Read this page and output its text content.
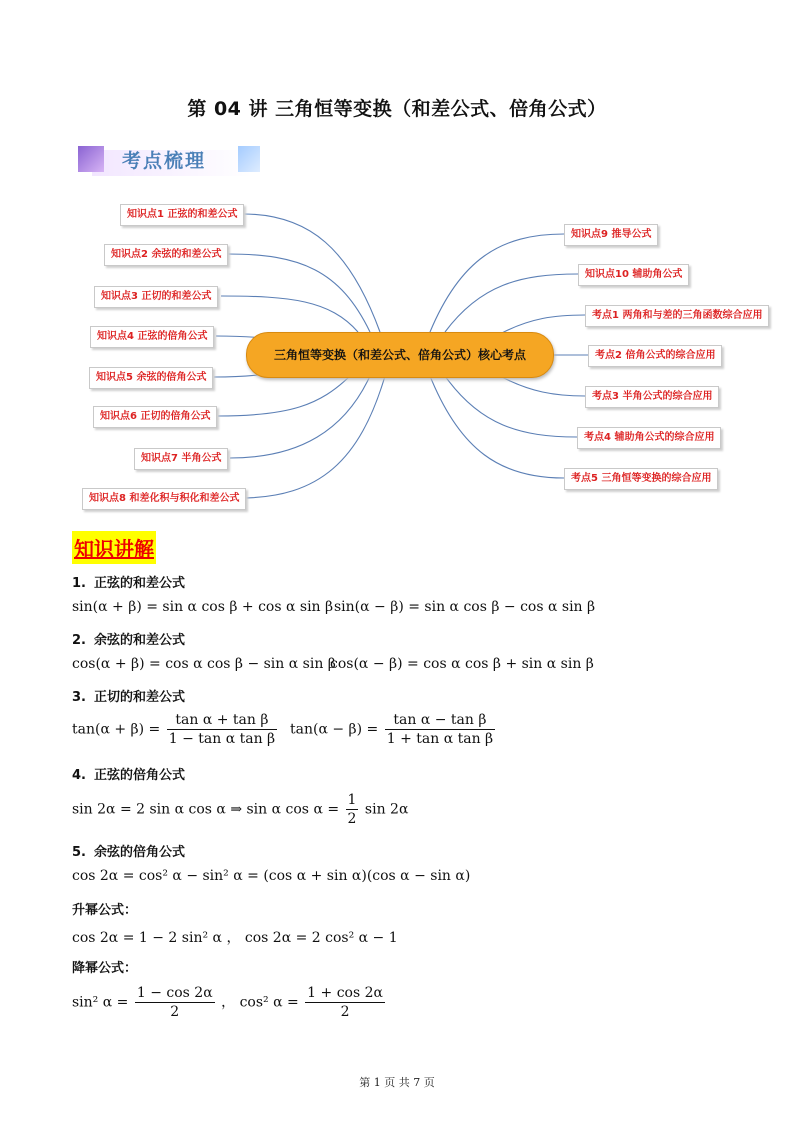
第 04 讲 三角恒等变换（和差公式、倍角公式）
考点梳理
知识点1 正弦的和差公式
知识点2 余弦的和差公式
知识点3 正切的和差公式
知识点4 正弦的倍角公式
知识点5 余弦的倍角公式
知识点6 正切的倍角公式
知识点7 半角公式
知识点8 和差化积与积化和差公式
知识点9 推导公式
知识点10 辅助角公式
考点1 两角和与差的三角函数综合应用
考点2 倍角公式的综合应用
考点3 半角公式的综合应用
考点4 辅助角公式的综合应用
考点5 三角恒等变换的综合应用
三角恒等变换（和差公式、倍角公式）核心考点
知识讲解
1. 正弦的和差公式
sin(α + β) = sin α cos β + cos α sin β sin(α − β) = sin α cos β − cos α sin β
2. 余弦的和差公式
cos(α + β) = cos α cos β − sin α sin β
cos(α − β) = cos α cos β + sin α sin β
3. 正切的和差公式
$\tan(\alpha + \beta) = \frac{\text{tan α + tan β}}{\text{1 − tan α tan β}} \tan(\alpha - \beta) = \frac{\text{tan α − tan β}}{\text{1 + tan α tan β}}$
4. 正弦的倍角公式
sin 2α = 2 sin α cos α ⇒ sin α $\cos \alpha = \frac{1}{2}$ sin 2α
5. 余弦的倍角公式
cos 2α = cos² α − sin² α = (cos α + sin α)(cos α − sin α)
升幂公式：
cos 2α = 1 − 2 sin² α ， cos 2α = 2 cos² α − 1
降幂公式：
sin² $\alpha = \frac{1 - \cos 2\alpha}{2}$ ， cos² $\alpha = \frac{1 + \cos 2\alpha}{2}$
第 1 页 共 7 页
